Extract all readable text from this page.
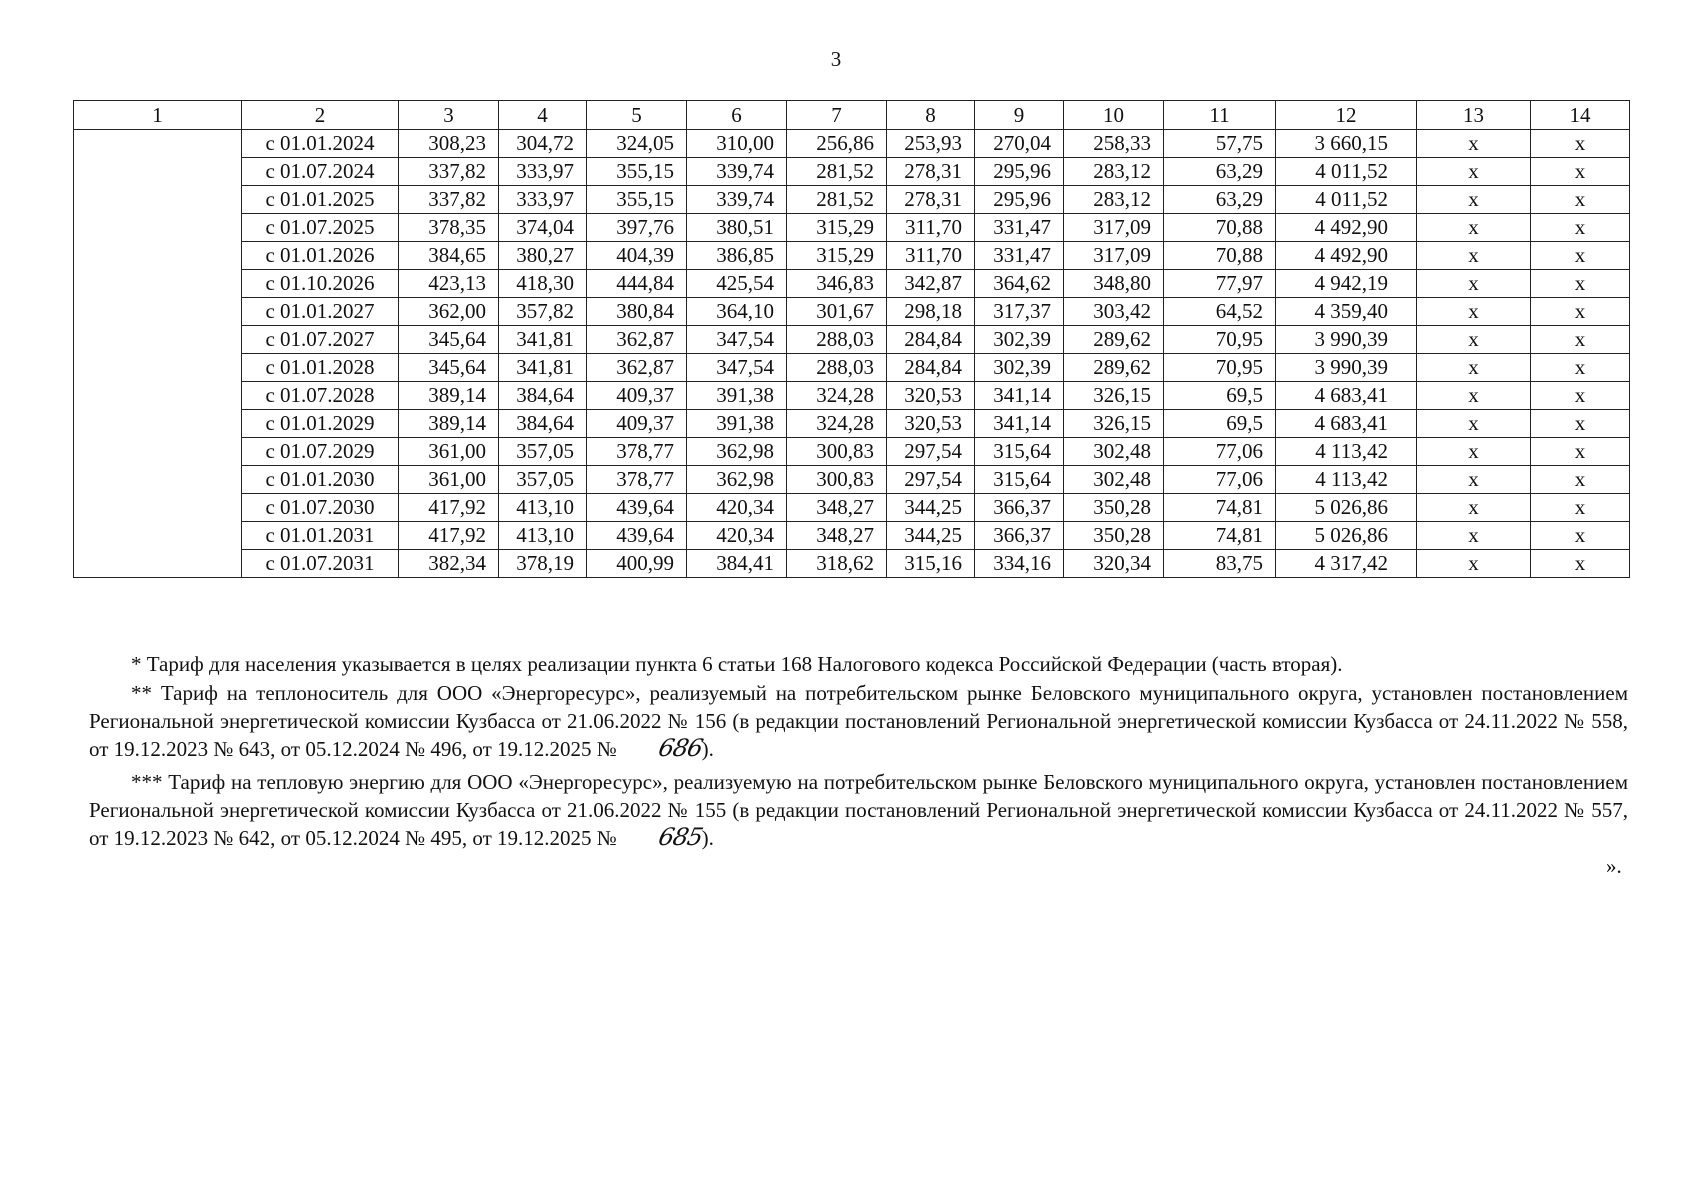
3
1	2	3	4	5	6	7	8	9	10	11	12	13	14
	с 01.01.2024	308,23	304,72	324,05	310,00	256,86	253,93	270,04	258,33	57,75	3 660,15	х	х
	с 01.07.2024	337,82	333,97	355,15	339,74	281,52	278,31	295,96	283,12	63,29	4 011,52	х	х
	с 01.01.2025	337,82	333,97	355,15	339,74	281,52	278,31	295,96	283,12	63,29	4 011,52	х	х
	с 01.07.2025	378,35	374,04	397,76	380,51	315,29	311,70	331,47	317,09	70,88	4 492,90	х	х
	с 01.01.2026	384,65	380,27	404,39	386,85	315,29	311,70	331,47	317,09	70,88	4 492,90	х	х
	с 01.10.2026	423,13	418,30	444,84	425,54	346,83	342,87	364,62	348,80	77,97	4 942,19	х	х
	с 01.01.2027	362,00	357,82	380,84	364,10	301,67	298,18	317,37	303,42	64,52	4 359,40	х	х
	с 01.07.2027	345,64	341,81	362,87	347,54	288,03	284,84	302,39	289,62	70,95	3 990,39	х	х
	с 01.01.2028	345,64	341,81	362,87	347,54	288,03	284,84	302,39	289,62	70,95	3 990,39	х	х
	с 01.07.2028	389,14	384,64	409,37	391,38	324,28	320,53	341,14	326,15	69,5	4 683,41	х	х
	с 01.01.2029	389,14	384,64	409,37	391,38	324,28	320,53	341,14	326,15	69,5	4 683,41	х	х
	с 01.07.2029	361,00	357,05	378,77	362,98	300,83	297,54	315,64	302,48	77,06	4 113,42	х	х
	с 01.01.2030	361,00	357,05	378,77	362,98	300,83	297,54	315,64	302,48	77,06	4 113,42	х	х
	с 01.07.2030	417,92	413,10	439,64	420,34	348,27	344,25	366,37	350,28	74,81	5 026,86	х	х
	с 01.01.2031	417,92	413,10	439,64	420,34	348,27	344,25	366,37	350,28	74,81	5 026,86	х	х
	с 01.07.2031	382,34	378,19	400,99	384,41	318,62	315,16	334,16	320,34	83,75	4 317,42	х	х

* Тариф для населения указывается в целях реализации пункта 6 статьи 168 Налогового кодекса Российской Федерации (часть вторая).

** Тариф на теплоноситель для ООО «Энергоресурс», реализуемый на потребительском рынке Беловского муниципального округа, установлен постановлением Региональной энергетической комиссии Кузбасса от 21.06.2022 № 156 (в редакции постановлений Региональной энергетической комиссии Кузбасса от 24.11.2022 № 558, от 19.12.2023 № 643, от 05.12.2024 № 496, от 19.12.2025 № 686).

*** Тариф на тепловую энергию для ООО «Энергоресурс», реализуемую на потребительском рынке Беловского муниципального округа, установлен постановлением Региональной энергетической комиссии Кузбасса от 21.06.2022 № 155 (в редакции постановлений Региональной энергетической комиссии Кузбасса от 24.11.2022 № 557, от 19.12.2023 № 642, от 05.12.2024 № 495, от 19.12.2025 № 685).

».
